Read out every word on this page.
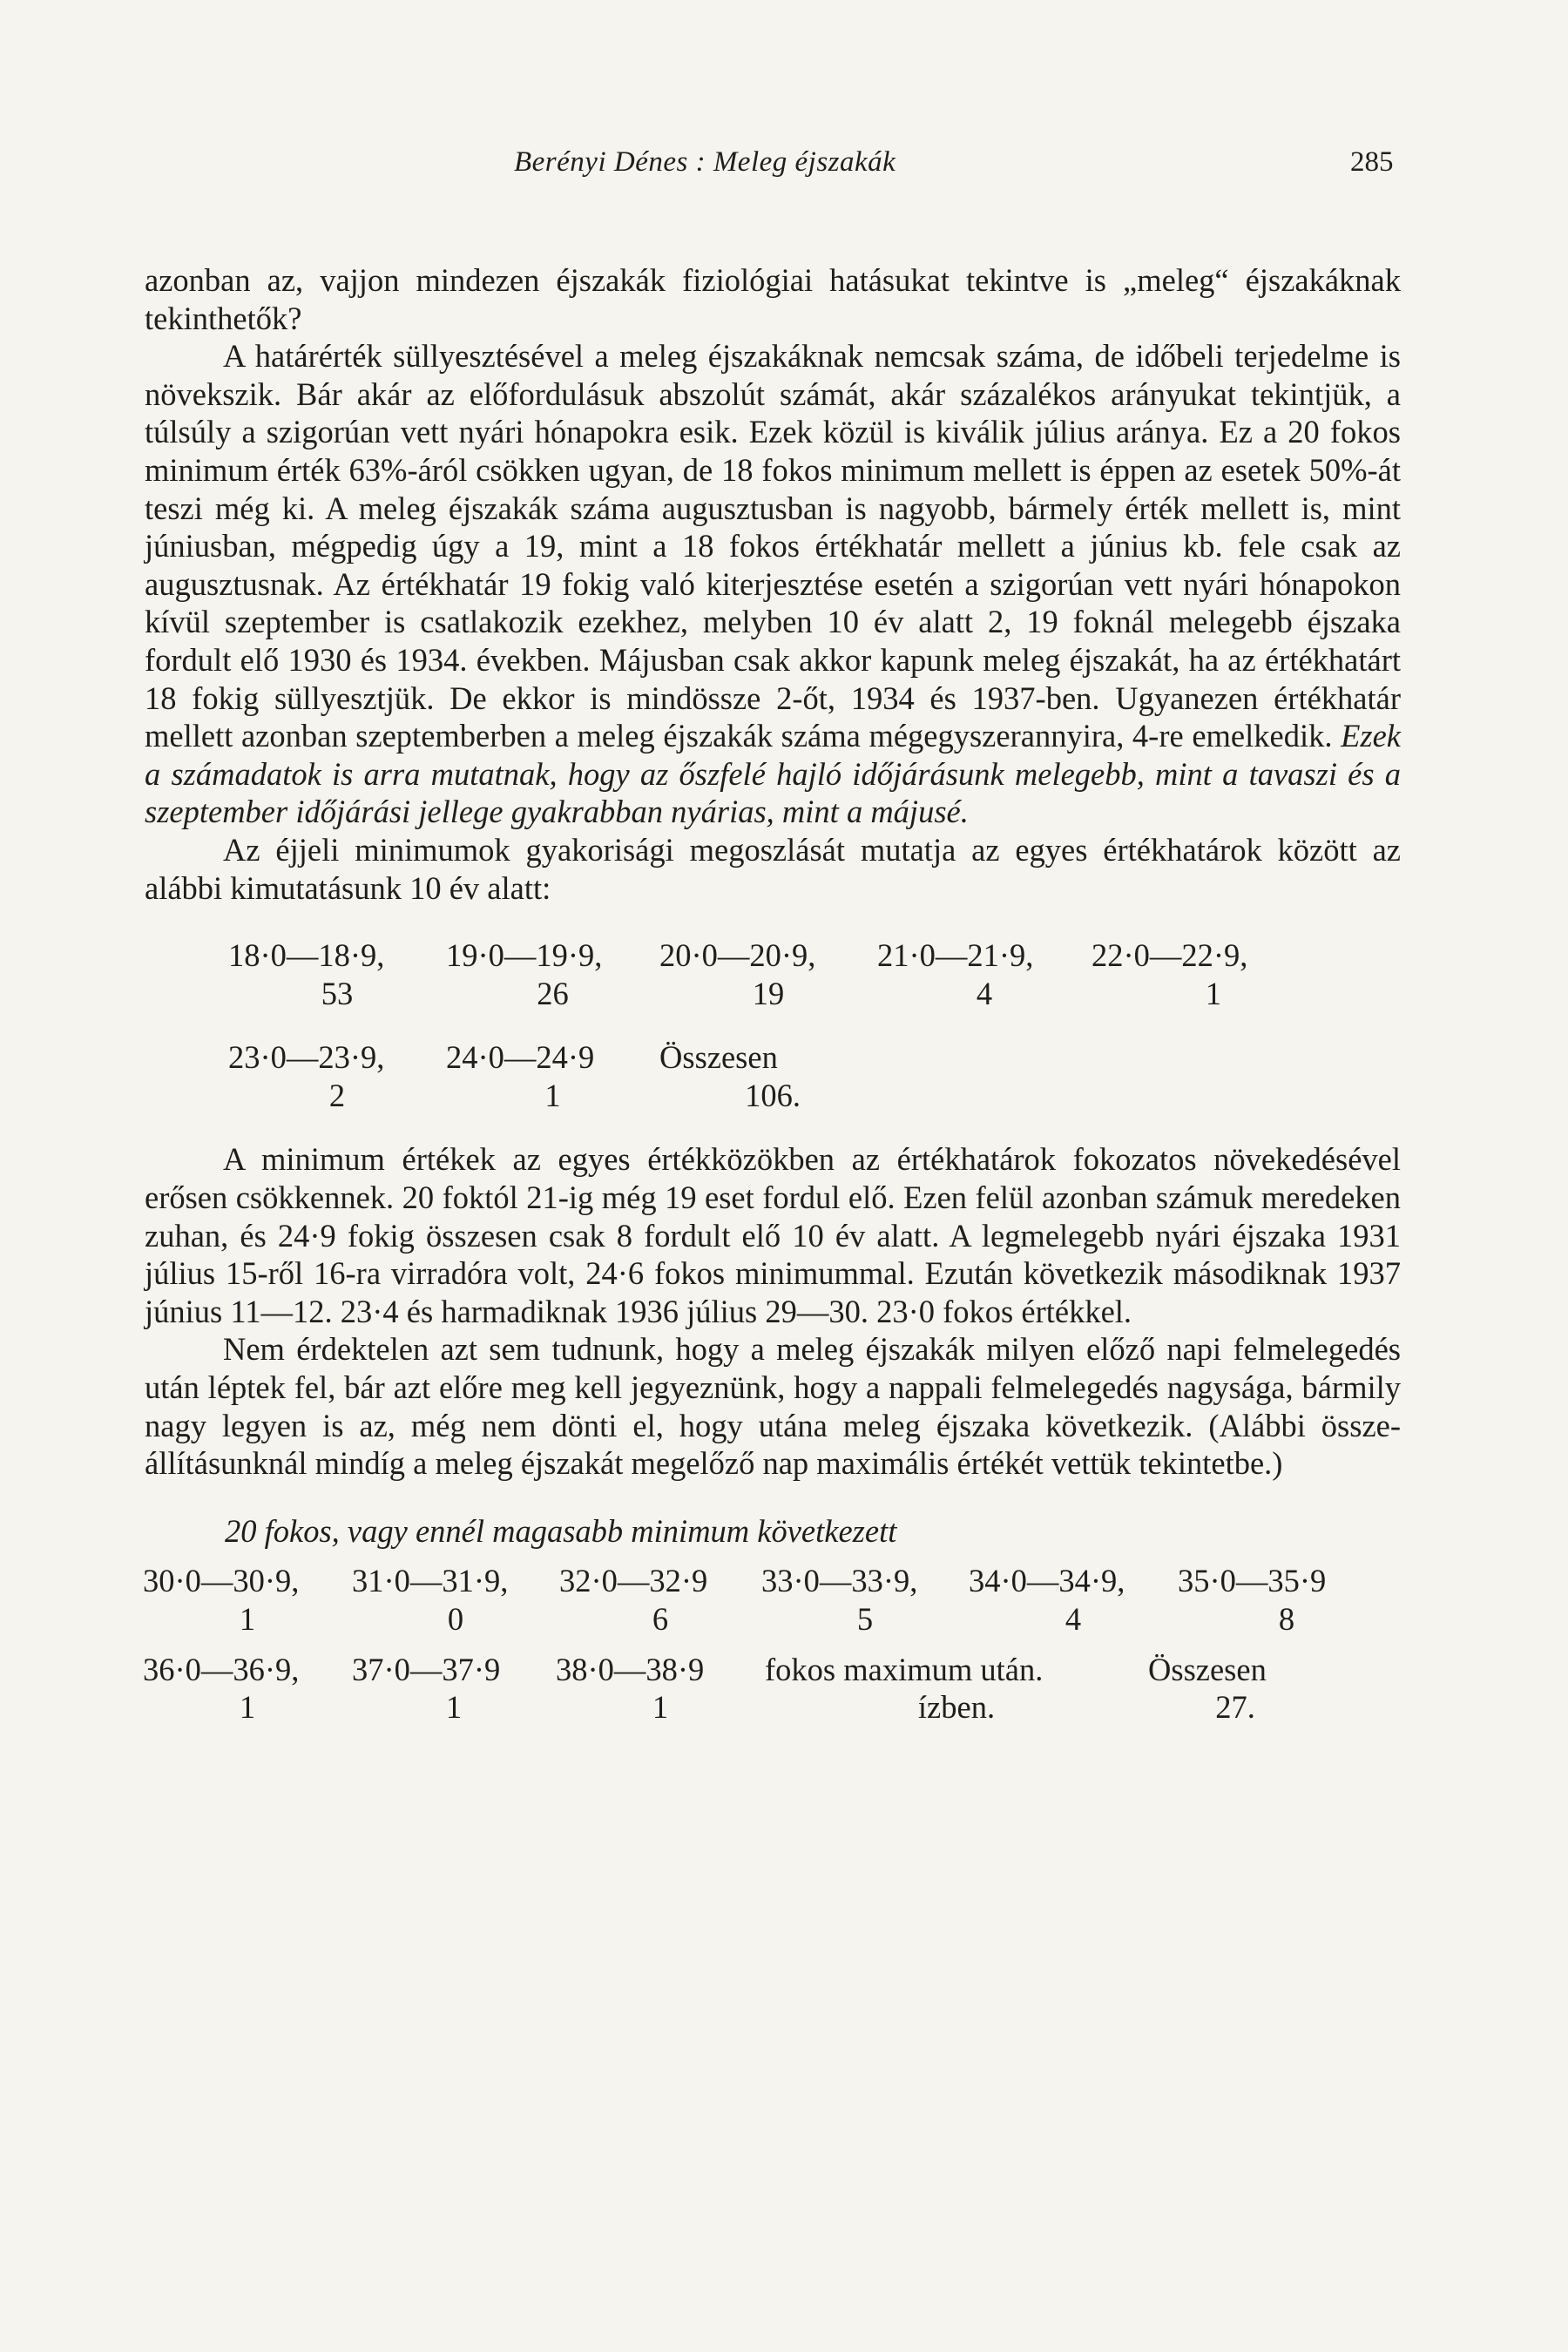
Berényi Dénes : Meleg éjszakák	285

azonban az, vajjon mindezen éjszakák fiziológiai hatásukat tekintve is „meleg“ éjszakáknak tekinthetők?

A határérték süllyesztésével a meleg éjszakáknak nemcsak száma, de időbeli terjedelme is növekszik. Bár akár az előfordulásuk abszolút számát, akár százalékos arányukat tekintjük, a túlsúly a szigorúan vett nyári hónapokra esik. Ezek közül is kiválik július aránya. Ez a 20 fokos minimum érték 63%-áról csökken ugyan, de 18 fokos minimum mellett is éppen az esetek 50%-át teszi még ki. A meleg éjszakák száma augusztusban is nagyobb, bármely érték mellett is, mint júniusban, mégpedig úgy a 19, mint a 18 fokos értékhatár mellett a június kb. fele csak az augusztusnak. Az értékhatár 19 fokig való kiterjesztése esetén a szigorúan vett nyári hónapokon kívül szeptember is csatlakozik ezekhez, melyben 10 év alatt 2, 19 foknál melegebb éjszaka fordult elő 1930 és 1934. években. Májusban csak akkor kapunk meleg éjszakát, ha az értékhatárt 18 fokig süllyesztjük. De ekkor is mindössze 2-őt, 1934 és 1937-ben. Ugyanezen értékhatár mellett azonban szeptemberben a meleg éjszakák száma mégegyszerannyira, 4-re emelkedik. Ezek a számadatok is arra mutatnak, hogy az őszfelé hajló időjárásunk melegebb, mint a tavaszi és a szeptember időjárási jellege gyakrabban nyárias, mint a májusé.

Az éjjeli minimumok gyakorisági megoszlását mutatja az egyes értékhatárok között az alábbi kimutatásunk 10 év alatt:

18·0—18·9,	19·0—19·9,	20·0—20·9,	21·0—21·9,	22·0—22·9,
53	26	19	4	1
23·0—23·9,	24·0—24·9	Összesen
2	1	106.

A minimum értékek az egyes értékközökben az értékhatárok fokozatos növekedésével erősen csökkennek. 20 foktól 21-ig még 19 eset fordul elő. Ezen felül azonban számuk meredeken zuhan, és 24·9 fokig összesen csak 8 fordult elő 10 év alatt. A legmelegebb nyári éjszaka 1931 július 15-ről 16-ra virradóra volt, 24·6 fokos minimummal. Ezután következik másodiknak 1937 június 11—12. 23·4 és harmadiknak 1936 július 29—30. 23·0 fokos értékkel.

Nem érdektelen azt sem tudnunk, hogy a meleg éjszakák milyen előző napi felmelegedés után léptek fel, bár azt előre meg kell jegyeznünk, hogy a nappali felmelegedés nagysága, bármily nagy legyen is az, még nem dönti el, hogy utána meleg éjszaka következik. (Alábbi összeállításunknál mindíg a meleg éjszakát megelőző nap maximális értékét vettük tekintetbe.)

20 fokos, vagy ennél magasabb minimum következett
30·0—30·9,	31·0—31·9,	32·0—32·9	33·0—33·9,	34·0—34·9,	35·0—35·9
1	0	6	5	4	8
36·0—36·9,	37·0—37·9	38·0—38·9	fokos maximum után.	Összesen
1	1	1	ízben.	27.
